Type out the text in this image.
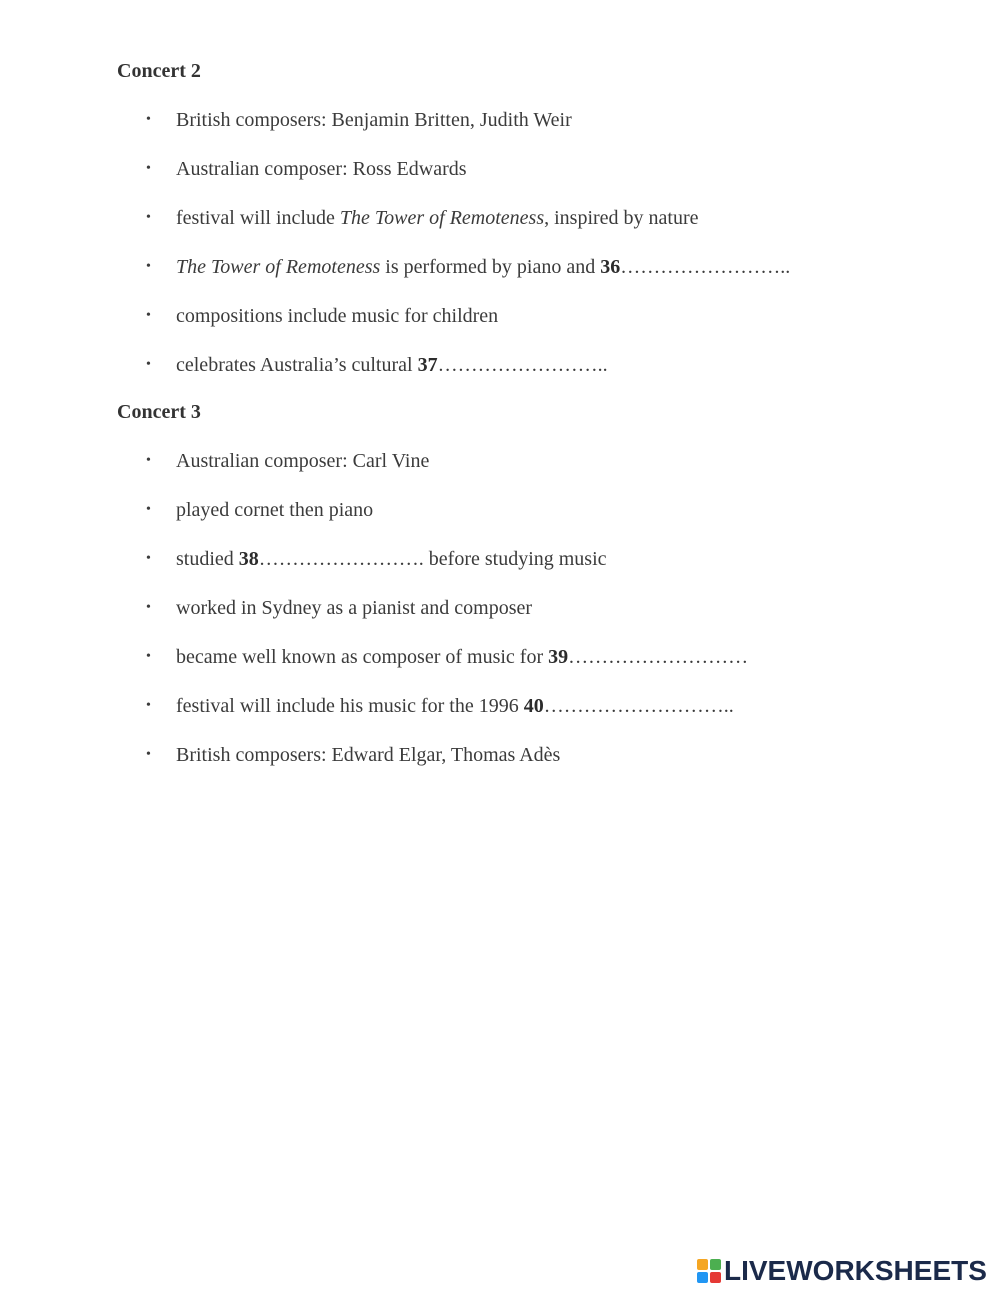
Concert 2
• British composers: Benjamin Britten, Judith Weir
• Australian composer: Ross Edwards
• festival will include The Tower of Remoteness, inspired by nature
• The Tower of Remoteness is performed by piano and 36……………………..
• compositions include music for children
• celebrates Australia’s cultural 37……………………..
Concert 3
• Australian composer: Carl Vine
• played cornet then piano
• studied 38……………………. before studying music
• worked in Sydney as a pianist and composer
• became well known as composer of music for 39………………………
• festival will include his music for the 1996 40………………………..
• British composers: Edward Elgar, Thomas Adès
LIVEWORKSHEETS
